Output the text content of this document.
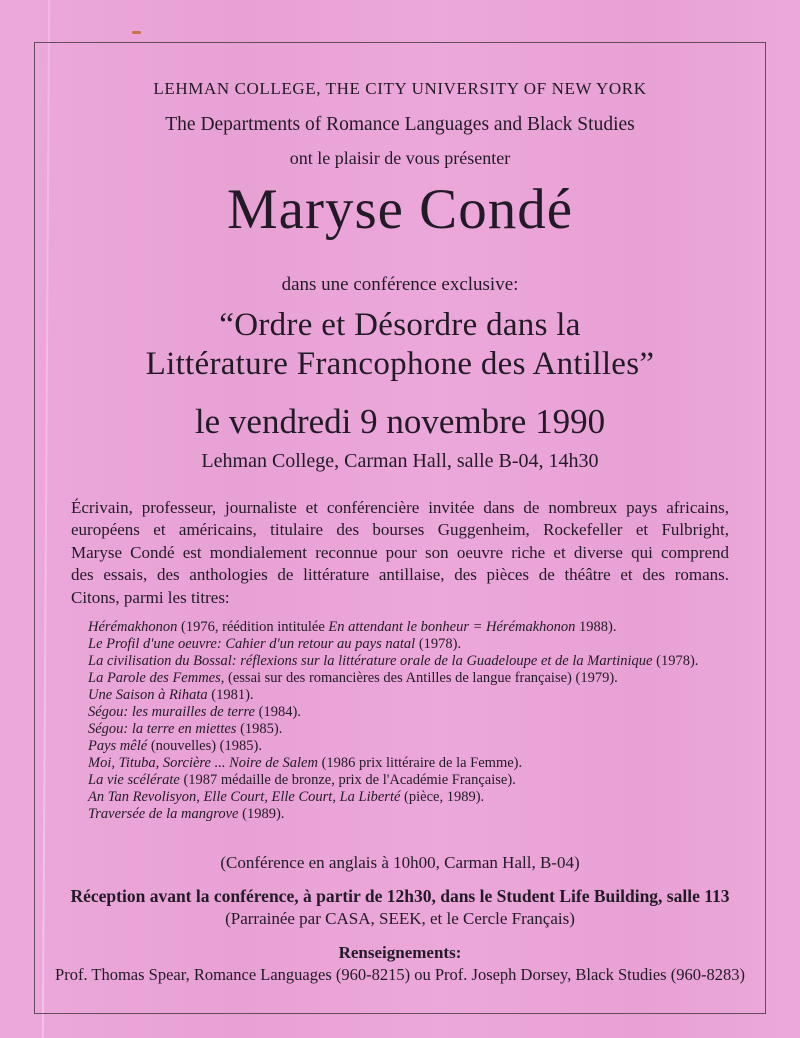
LEHMAN COLLEGE, THE CITY UNIVERSITY OF NEW YORK
The Departments of Romance Languages and Black Studies
ont le plaisir de vous présenter
Maryse Condé
dans une conférence exclusive:
“Ordre et Désordre dans la
Littérature Francophone des Antilles”
le vendredi 9 novembre 1990
Lehman College, Carman Hall, salle B-04, 14h30
Écrivain, professeur, journaliste et conférencière invitée dans de nombreux pays africains,
européens et américains, titulaire des bourses Guggenheim, Rockefeller et Fulbright,
Maryse Condé est mondialement reconnue pour son oeuvre riche et diverse qui comprend
des essais, des anthologies de littérature antillaise, des pièces de théâtre et des romans.
Citons, parmi les titres:
Hérémakhonon (1976, réédition intitulée En attendant le bonheur = Hérémakhonon 1988).
Le Profil d'une oeuvre: Cahier d'un retour au pays natal (1978).
La civilisation du Bossal: réflexions sur la littérature orale de la Guadeloupe et de la Martinique (1978).
La Parole des Femmes, (essai sur des romancières des Antilles de langue française) (1979).
Une Saison à Rihata (1981).
Ségou: les murailles de terre (1984).
Ségou: la terre en miettes (1985).
Pays mêlé (nouvelles) (1985).
Moi, Tituba, Sorcière ... Noire de Salem (1986 prix littéraire de la Femme).
La vie scélérate (1987 médaille de bronze, prix de l'Académie Française).
An Tan Revolisyon, Elle Court, Elle Court, La Liberté (pièce, 1989).
Traversée de la mangrove (1989).
(Conférence en anglais à 10h00, Carman Hall, B-04)
Réception avant la conférence, à partir de 12h30, dans le Student Life Building, salle 113
(Parrainée par CASA, SEEK, et le Cercle Français)
Renseignements:
Prof. Thomas Spear, Romance Languages (960-8215) ou Prof. Joseph Dorsey, Black Studies (960-8283)
